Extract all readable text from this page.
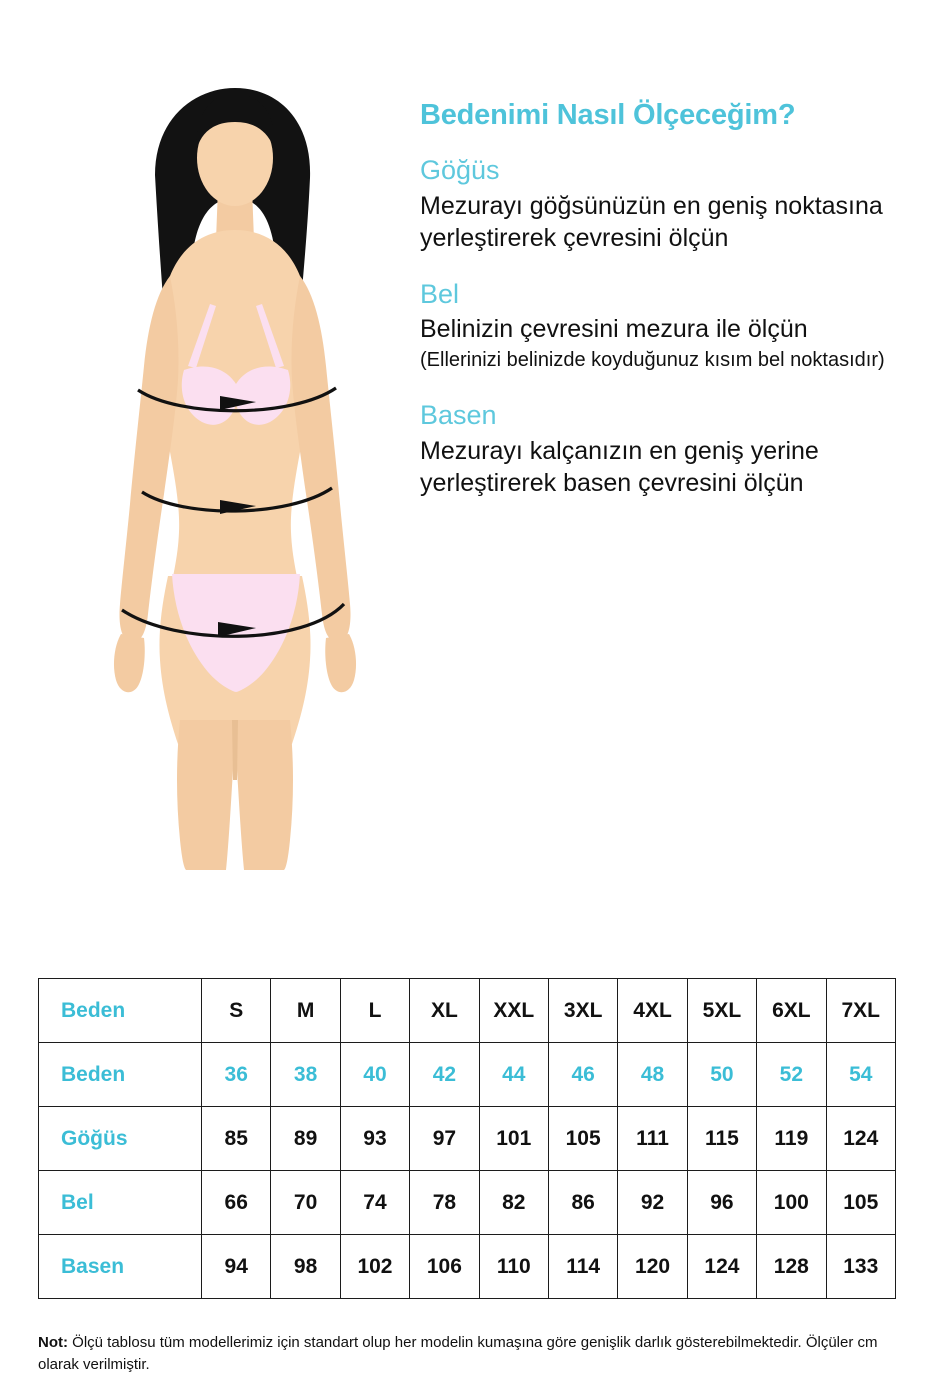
Bedenimi Nasıl Ölçeceğim?
Göğüs

Mezurayı göğsünüzün en geniş noktasına yerleştirerek çevresini ölçün

Bel

Belinizin çevresini mezura ile ölçün

(Ellerinizi belinizde koyduğunuz kısım bel noktasıdır)

Basen

Mezurayı kalçanızın en geniş yerine yerleştirerek basen çevresini ölçün

Beden	S	M	L	XL	XXL	3XL	4XL	5XL	6XL	7XL
Beden	36	38	40	42	44	46	48	50	52	54
Göğüs	85	89	93	97	101	105	111	115	119	124
Bel	66	70	74	78	82	86	92	96	100	105
Basen	94	98	102	106	110	114	120	124	128	133
Not: Ölçü tablosu tüm modellerimiz için standart olup her modelin kumaşına göre genişlik darlık gösterebilmektedir. Ölçüler cm olarak verilmiştir.
